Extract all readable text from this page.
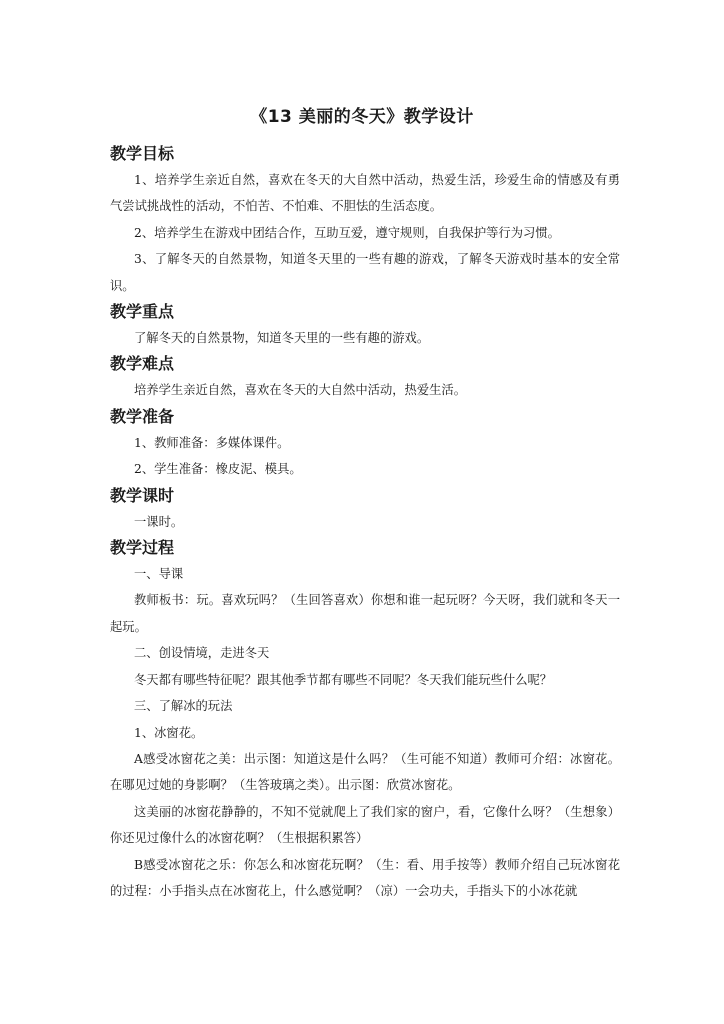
《13 美丽的冬天》教学设计
教学目标

1、培养学生亲近自然，喜欢在冬天的大自然中活动，热爱生活，珍爱生命的情感及有勇气尝试挑战性的活动，不怕苦、不怕难、不胆怯的生活态度。

2、培养学生在游戏中团结合作，互助互爱，遵守规则，自我保护等行为习惯。

3、了解冬天的自然景物，知道冬天里的一些有趣的游戏，了解冬天游戏时基本的安全常识。

教学重点

了解冬天的自然景物，知道冬天里的一些有趣的游戏。

教学难点

培养学生亲近自然，喜欢在冬天的大自然中活动，热爱生活。

教学准备

1、教师准备：多媒体课件。

2、学生准备：橡皮泥、模具。

教学课时

一课时。

教学过程

一、导课

教师板书：玩。喜欢玩吗？（生回答喜欢）你想和谁一起玩呀？今天呀，我们就和冬天一起玩。

二、创设情境，走进冬天

冬天都有哪些特征呢？跟其他季节都有哪些不同呢？冬天我们能玩些什么呢？

三、了解冰的玩法

1、冰窗花。

A感受冰窗花之美：出示图：知道这是什么吗？（生可能不知道）教师可介绍：冰窗花。在哪见过她的身影啊？（生答玻璃之类）。出示图：欣赏冰窗花。

这美丽的冰窗花静静的，不知不觉就爬上了我们家的窗户，看，它像什么呀？（生想象）你还见过像什么的冰窗花啊？（生根据积累答）

B感受冰窗花之乐：你怎么和冰窗花玩啊？（生：看、用手按等）教师介绍自己玩冰窗花的过程：小手指头点在冰窗花上，什么感觉啊？（凉）一会功夫，手指头下的小冰花就
